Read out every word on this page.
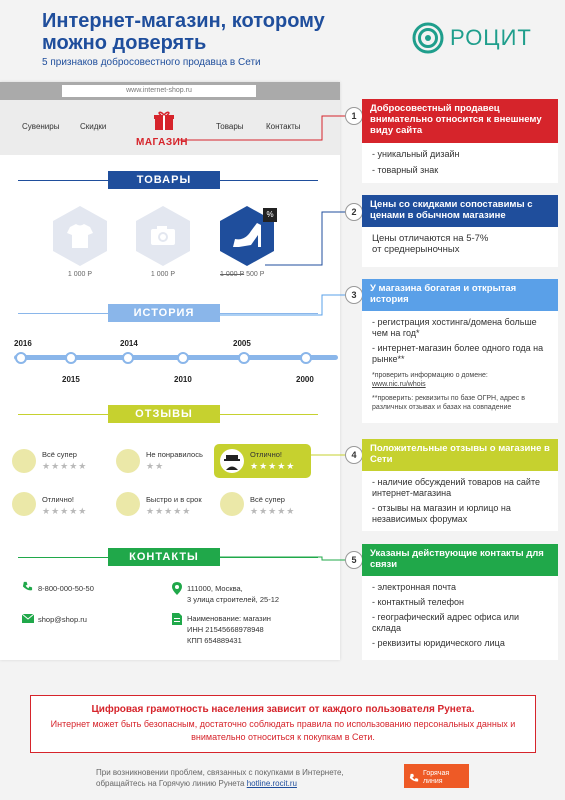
Интернет-магазин, которому можно доверять
5 признаков добросовестного продавца в Сети
РОЦИТ
www.internet-shop.ru
Сувениры	Скидки	Товары	Контакты
МАГАЗИН
ТОВАРЫ
1 000 Р	1 000 Р
%
1 000 Р 500 Р
ИСТОРИЯ
2016	2014	2005
2015	2010	2000
ОТЗЫВЫ
Всё супер
★★★★★
Не понравилось
★★
Отлично!
★★★★★
Отлично!
★★★★★
Быстро и в срок
★★★★★
Всё супер
★★★★★
КОНТАКТЫ
8-800-000-50-50
shop@shop.ru
111000, Москва,
3 улица строителей, 25-12
Наименование: магазин
ИНН 21545668978948
КПП 654889431
1
Добросовестный продавец внимательно относится к внешнему виду сайта
- уникальный дизайн
- товарный знак
2
Цены со скидками сопоставимы с ценами в обычном магазине
Цены отличаются на 5-7%
от среднерыночных
3
У магазина богатая и открытая история
- регистрация хостинга/домена больше чем на год*
- интернет-магазин более одного года на рынке**
*проверить информацию о домене:
www.nic.ru/whois
**проверить: реквизиты по базе ОГРН, адрес в различных отзывах и базах на совпадение
4
Положительные отзывы о магазине в Сети
- наличие обсуждений товаров на сайте интернет-магазина
- отзывы на магазин и юрлицо на независимых форумах
5
Указаны действующие контакты для связи
- электронная почта
- контактный телефон
- географический адрес офиса или склада
- реквизиты юридического лица
Цифровая грамотность населения зависит от каждого пользователя Рунета.
Интернет может быть безопасным, достаточно соблюдать правила по использованию персональных данных и внимательно относиться к покупкам в Сети.
При возникновении проблем, связанных с покупками в Интернете,
обращайтесь на Горячую линию Рунета hotline.rocit.ru
Горячая
линия
